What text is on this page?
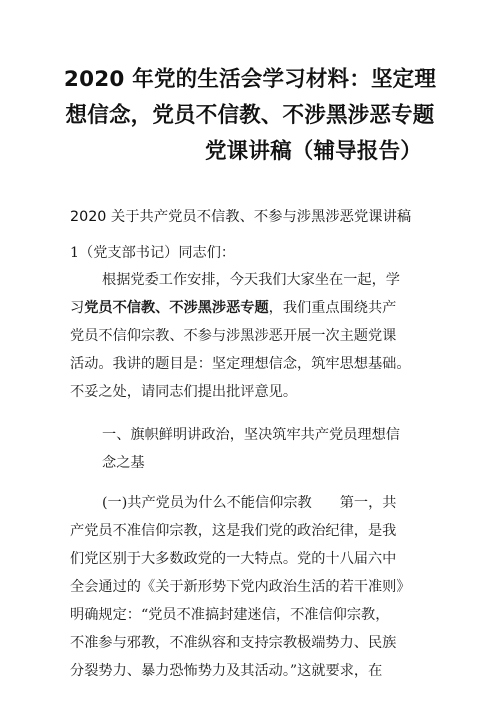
2020 年党的生活会学习材料：坚定理
想信念，党员不信教、不涉黑涉恶专题
党课讲稿（辅导报告）
2020 关于共产党员不信教、不参与涉黑涉恶党课讲稿
1（党支部书记）同志们：
根据党委工作安排，今天我们大家坐在一起，学
习党员不信教、不涉黑涉恶专题，我们重点围绕共产
党员不信仰宗教、不参与涉黑涉恶开展一次主题党课
活动。我讲的题目是：坚定理想信念，筑牢思想基础。
不妥之处，请同志们提出批评意见。
一、旗帜鲜明讲政治，坚决筑牢共产党员理想信
念之基
(一)共产党员为什么不能信仰宗教 第一，共
产党员不准信仰宗教，这是我们党的政治纪律，是我
们党区别于大多数政党的一大特点。党的十八届六中
全会通过的《关于新形势下党内政治生活的若干准则》
明确规定：“党员不准搞封建迷信，不准信仰宗教，
不准参与邪教，不准纵容和支持宗教极端势力、民族
分裂势力、暴力恐怖势力及其活动。”这就要求，在
